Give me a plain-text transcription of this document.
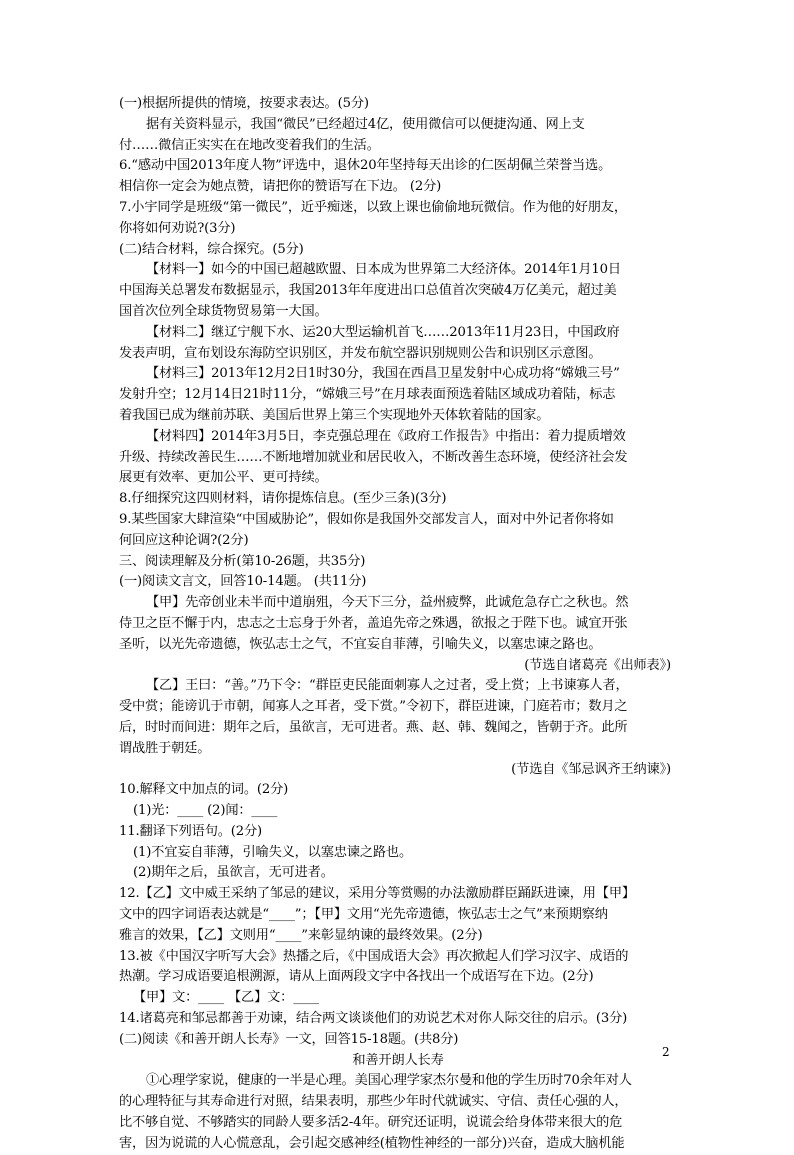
(一)根据所提供的情境，按要求表达。(5分)
据有关资料显示，我国“微民”已经超过4亿，使用微信可以便捷沟通、网上支
付……微信正实实在在地改变着我们的生活。
6.“感动中国2013年度人物”评选中，退休20年坚持每天出诊的仁医胡佩兰荣誉当选。
相信你一定会为她点赞，请把你的赞语写在下边。 (2分)
7.小宇同学是班级“第一微民”，近乎痴迷，以致上课也偷偷地玩微信。作为他的好朋友，
你将如何劝说?(3分)
(二)结合材料，综合探究。(5分)
【材料一】如今的中国已超越欧盟、日本成为世界第二大经济体。2014年1月10日
中国海关总署发布数据显示，我国2013年年度进出口总值首次突破4万亿美元，超过美
国首次位列全球货物贸易第一大国。
【材料二】继辽宁舰下水、运20大型运输机首飞……2013年11月23日，中国政府
发表声明，宣布划设东海防空识别区，并发布航空器识别规则公告和识别区示意图。
【材料三】2013年12月2日1时30分，我国在西昌卫星发射中心成功将“嫦娥三号”
发射升空；12月14日21时11分，“嫦娥三号”在月球表面预选着陆区域成功着陆，标志
着我国已成为继前苏联、美国后世界上第三个实现地外天体软着陆的国家。
【材料四】2014年3月5日，李克强总理在《政府工作报告》中指出：着力提质增效
升级、持续改善民生……不断地增加就业和居民收入，不断改善生态环境，使经济社会发
展更有效率、更加公平、更可持续。
8.仔细探究这四则材料，请你提炼信息。(至少三条)(3分)
9.某些国家大肆渲染“中国威胁论”，假如你是我国外交部发言人，面对中外记者你将如
何回应这种论调?(2分)
三、阅读理解及分析(第10-26题，共35分)
(一)阅读文言文，回答10-14题。 (共11分)
【甲】先帝创业未半而中道崩殂，今天下三分，益州疲弊，此诚危急存亡之秋也。然
侍卫之臣不懈于内，忠志之士忘身于外者，盖追先帝之殊遇，欲报之于陛下也。诚宜开张
圣听，以光先帝遗德，恢弘志士之气，不宜妄自菲薄，引喻失义，以塞忠谏之路也。
(节选自诸葛亮《出师表》)
【乙】王曰：“善。”乃下令：“群臣吏民能面刺寡人之过者，受上赏；上书谏寡人者，
受中赏；能谤讥于市朝，闻寡人之耳者，受下赏。”令初下，群臣进谏，门庭若市；数月之
后，时时而间进：期年之后，虽欲言，无可进者。燕、赵、韩、魏闻之，皆朝于齐。此所
谓战胜于朝廷。
(节选自《邹忌讽齐王纳谏》)
10.解释文中加点的词。(2分)
(1)光：____ (2)闻：____
11.翻译下列语句。(2分)
(1)不宜妄自菲薄，引喻失义，以塞忠谏之路也。
(2)期年之后，虽欲言，无可进者。
12.【乙】文中威王采纳了邹忌的建议，采用分等赏赐的办法激励群臣踊跃进谏，用【甲】
文中的四字词语表达就是“____”；【甲】文用“光先帝遗德，恢弘志士之气”来预期察纳
雅言的效果，【乙】文则用“____”来彰显纳谏的最终效果。(2分)
13.被《中国汉字听写大会》热播之后，《中国成语大会》再次掀起人们学习汉字、成语的
热潮。学习成语要追根溯源，请从上面两段文字中各找出一个成语写在下边。(2分)
【甲】文：____ 【乙】文：____
14.诸葛亮和邹忌都善于劝谏，结合两文谈谈他们的劝说艺术对你人际交往的启示。(3分)
(二)阅读《和善开朗人长寿》一文，回答15-18题。(共8分)
和善开朗人长寿
①心理学家说，健康的一半是心理。美国心理学家杰尔曼和他的学生历时70余年对人
的心理特征与其寿命进行对照，结果表明，那些少年时代就诚实、守信、责任心强的人，
比不够自觉、不够踏实的同龄人要多活2-4年。研究还证明，说谎会给身体带来很大的危
害，因为说谎的人心慌意乱，会引起交感神经(植物性神经的一部分)兴奋，造成大脑机能
2
